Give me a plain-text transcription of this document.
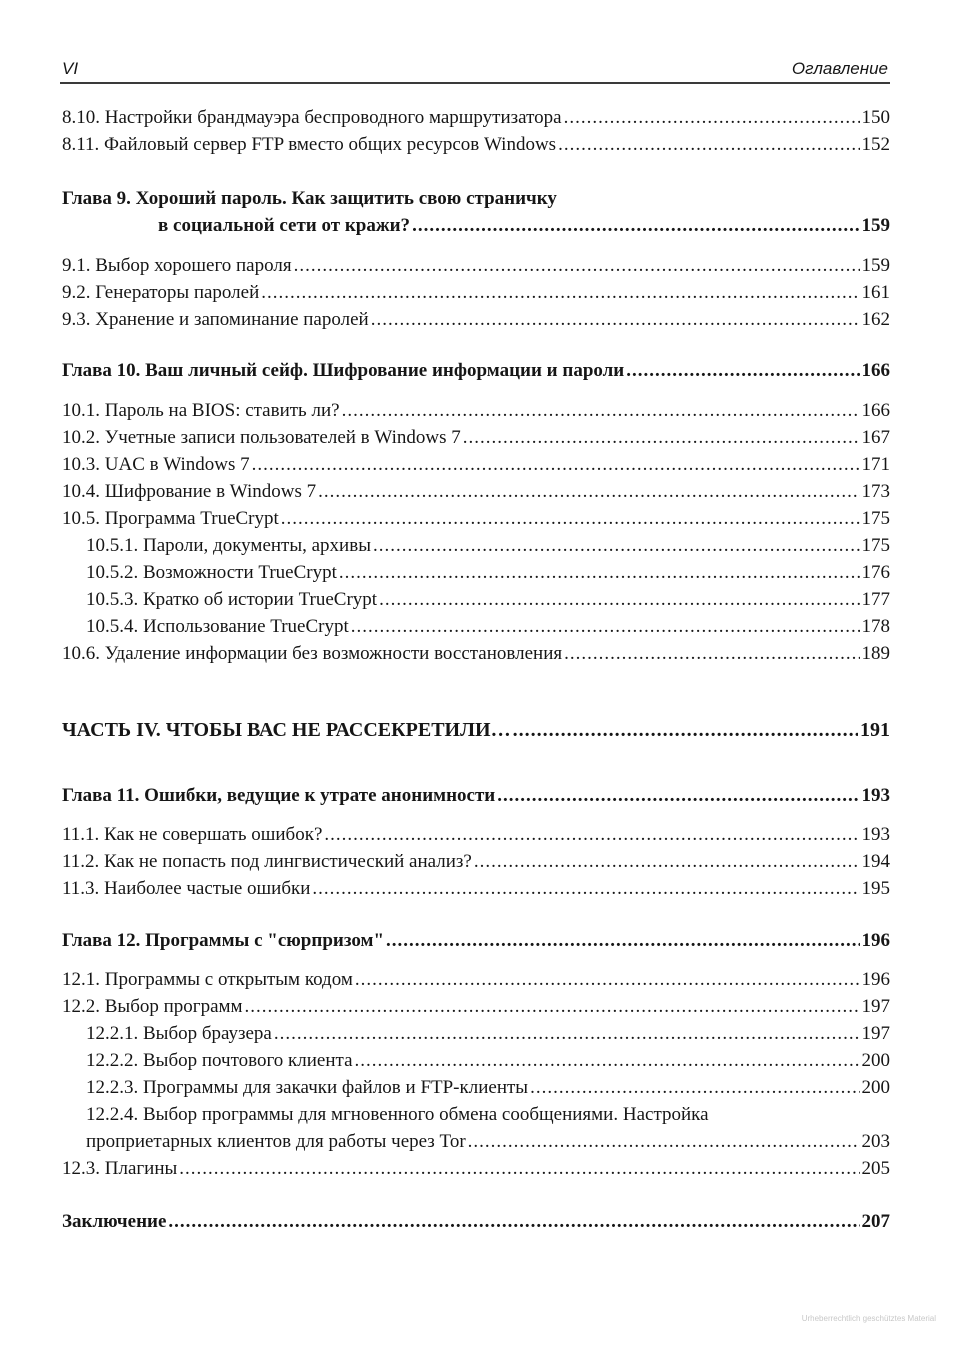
VI	Оглавление
8.10. Настройки брандмауэра беспроводного маршрутизатора .....	150
8.11. Файловый сервер FTP вместо общих ресурсов Windows .....	152
Глава 9. Хороший пароль. Как защитить свою страничку
в социальной сети от кражи? .....	159
9.1. Выбор хорошего пароля .....	159
9.2. Генераторы паролей .....	161
9.3. Хранение и запоминание паролей .....	162
Глава 10. Ваш личный сейф. Шифрование информации и пароли .....	166
10.1. Пароль на BIOS: ставить ли? .....	166
10.2. Учетные записи пользователей в Windows 7 .....	167
10.3. UAC в Windows 7 .....	171
10.4. Шифрование в Windows 7 .....	173
10.5. Программа TrueCrypt .....	175
10.5.1. Пароли, документы, архивы .....	175
10.5.2. Возможности TrueCrypt .....	176
10.5.3. Кратко об истории TrueCrypt .....	177
10.5.4. Использование TrueCrypt .....	178
10.6. Удаление информации без возможности восстановления .....	189
ЧАСТЬ IV. ЧТОБЫ ВАС НЕ РАССЕКРЕТИЛИ… .....	191
Глава 11. Ошибки, ведущие к утрате анонимности .....	193
11.1. Как не совершать ошибок? .....	193
11.2. Как не попасть под лингвистический анализ? .....	194
11.3. Наиболее частые ошибки .....	195
Глава 12. Программы с "сюрпризом" .....	196
12.1. Программы с открытым кодом .....	196
12.2. Выбор программ .....	197
12.2.1. Выбор браузера .....	197
12.2.2. Выбор почтового клиента .....	200
12.2.3. Программы для закачки файлов и FTP-клиенты .....	200
12.2.4. Выбор программы для мгновенного обмена сообщениями. Настройка
проприетарных клиентов для работы через Tor .....	203
12.3. Плагины .....	205
Заключение .....	207
Urheberrechtlich geschütztes Material
